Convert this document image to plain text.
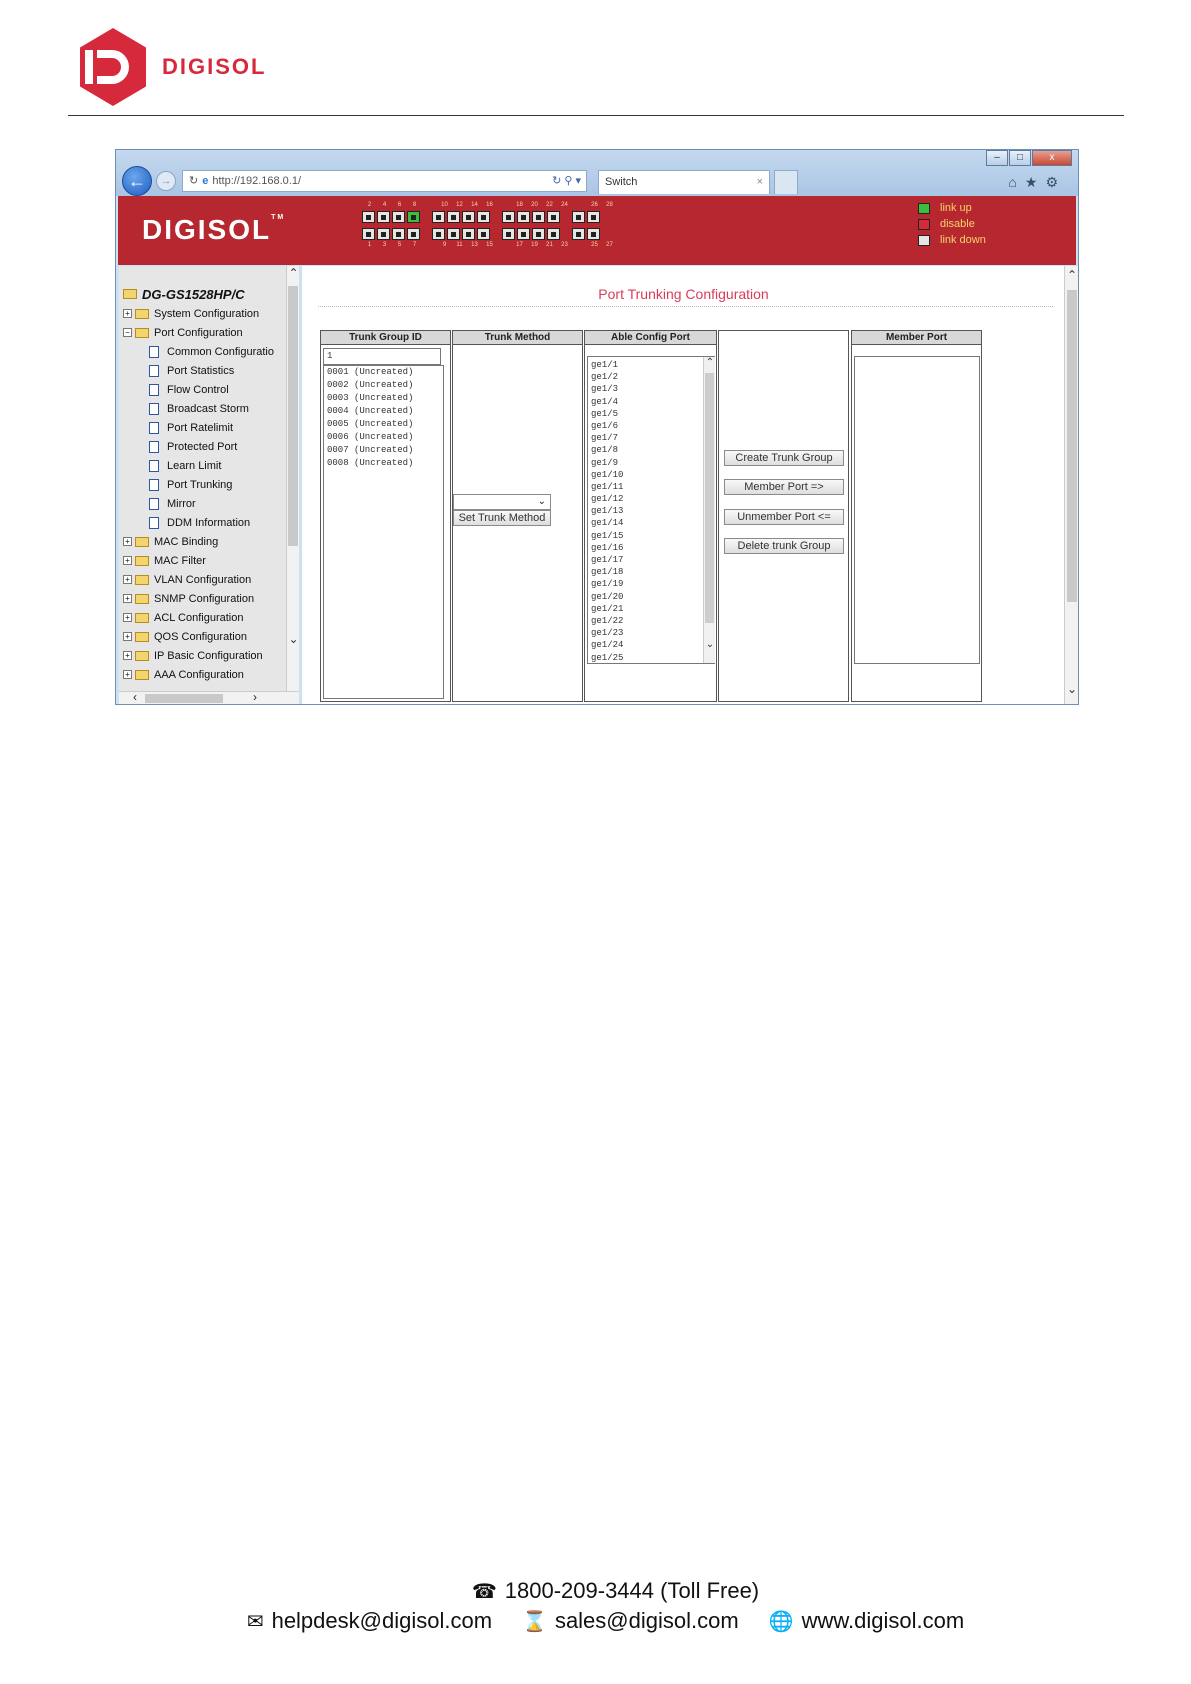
DIGISOL
–	□	x
←	→	↻ e http://192.168.0.1/	↻ ⚲ ▾	Switch	×	⌂★⚙
DIGISOL™
2	4	6	8	10	12	14	16	18	20	22	24	26	28
1	3	5	7	9	11	13	15	17	19	21	23	25	27
link up
disable
link down
DG-GS1528HP/C
+ System Configuration
− Port Configuration
Common Configuratio
Port Statistics
Flow Control
Broadcast Storm
Port Ratelimit
Protected Port
Learn Limit
Port Trunking
Mirror
DDM Information
+ MAC Binding
+ MAC Filter
+ VLAN Configuration
+ SNMP Configuration
+ ACL Configuration
+ QOS Configuration
+ IP Basic Configuration
+ AAA Configuration
⌃
⌄
‹	›
Port Trunking Configuration
Trunk Group ID
1
0001 (Uncreated)
0002 (Uncreated)
0003 (Uncreated)
0004 (Uncreated)
0005 (Uncreated)
0006 (Uncreated)
0007 (Uncreated)
0008 (Uncreated)
Trunk Method
⌄
Set Trunk Method
Able Config Port
ge1/1
ge1/2
ge1/3
ge1/4
ge1/5
ge1/6
ge1/7
ge1/8
ge1/9
ge1/10
ge1/11
ge1/12
ge1/13
ge1/14
ge1/15
ge1/16
ge1/17
ge1/18
ge1/19
ge1/20
ge1/21
ge1/22
ge1/23
ge1/24
ge1/25
⌃
⌄
Create Trunk Group
Member Port =>
Unmember Port <=
Delete trunk Group
Member Port
⌃
⌄
☎ 1800-209-3444 (Toll Free)
✉ helpdesk@digisol.com ⌛ sales@digisol.com 🌐 www.digisol.com
